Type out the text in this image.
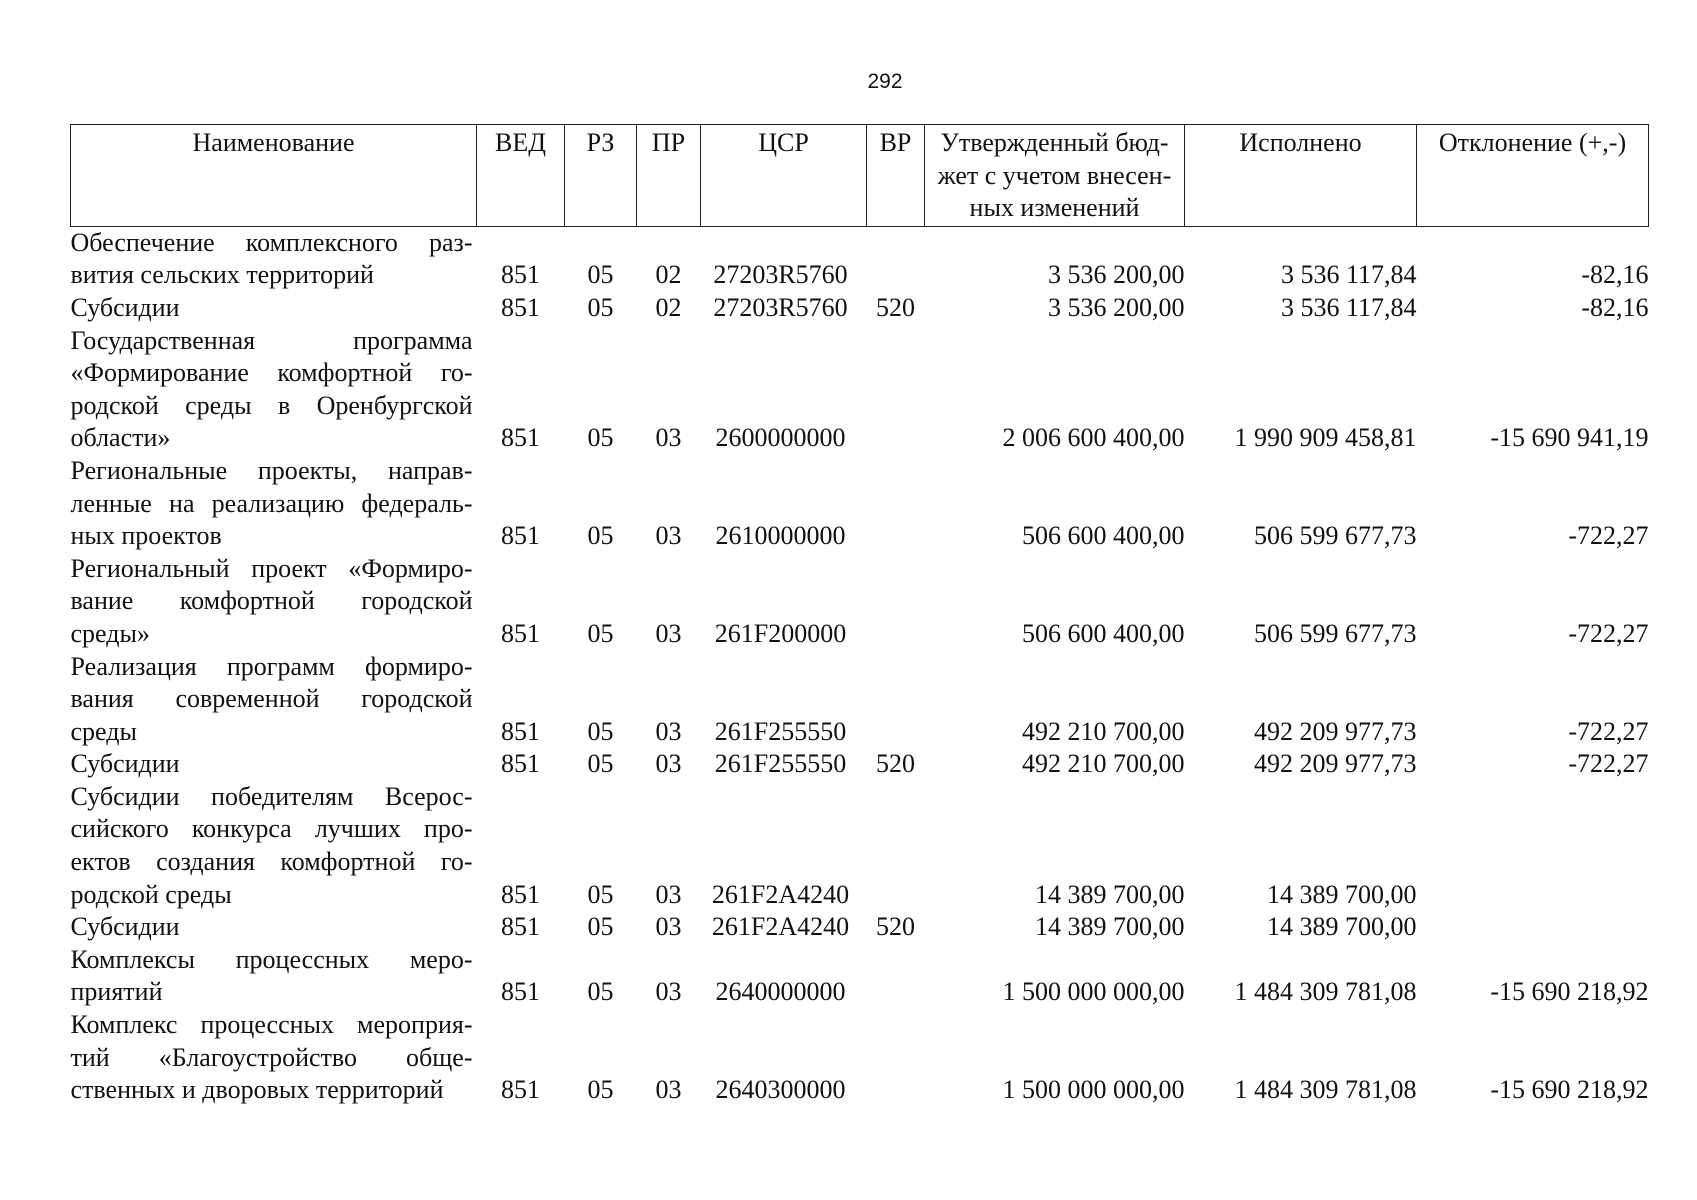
292
Наименование	ВЕД	РЗ	ПР	ЦСР	ВР	Утвержденный бюд-жет с учетом внесен-ных изменений	Исполнено	Отклонение (+,-)
Обеспечение комплексного раз-вития сельских территорий	851	05	02	27203R5760		3 536 200,00	3 536 117,84	-82,16
Субсидии	851	05	02	27203R5760	520	3 536 200,00	3 536 117,84	-82,16
Государственная программа «Формирование комфортной го-родской среды в Оренбургской области»	851	05	03	2600000000		2 006 600 400,00	1 990 909 458,81	-15 690 941,19
Региональные проекты, направ-ленные на реализацию федераль-ных проектов	851	05	03	2610000000		506 600 400,00	506 599 677,73	-722,27
Региональный проект «Формиро-вание комфортной городской среды»	851	05	03	261F200000		506 600 400,00	506 599 677,73	-722,27
Реализация программ формиро-вания современной городской среды	851	05	03	261F255550		492 210 700,00	492 209 977,73	-722,27
Субсидии	851	05	03	261F255550	520	492 210 700,00	492 209 977,73	-722,27
Субсидии победителям Всерос-сийского конкурса лучших про-ектов создания комфортной го-родской среды	851	05	03	261F2A4240		14 389 700,00	14 389 700,00	
Субсидии	851	05	03	261F2A4240	520	14 389 700,00	14 389 700,00	
Комплексы процессных меро-приятий	851	05	03	2640000000		1 500 000 000,00	1 484 309 781,08	-15 690 218,92
Комплекс процессных мероприя-тий «Благоустройство обще-ственных и дворовых территорий	851	05	03	2640300000		1 500 000 000,00	1 484 309 781,08	-15 690 218,92
